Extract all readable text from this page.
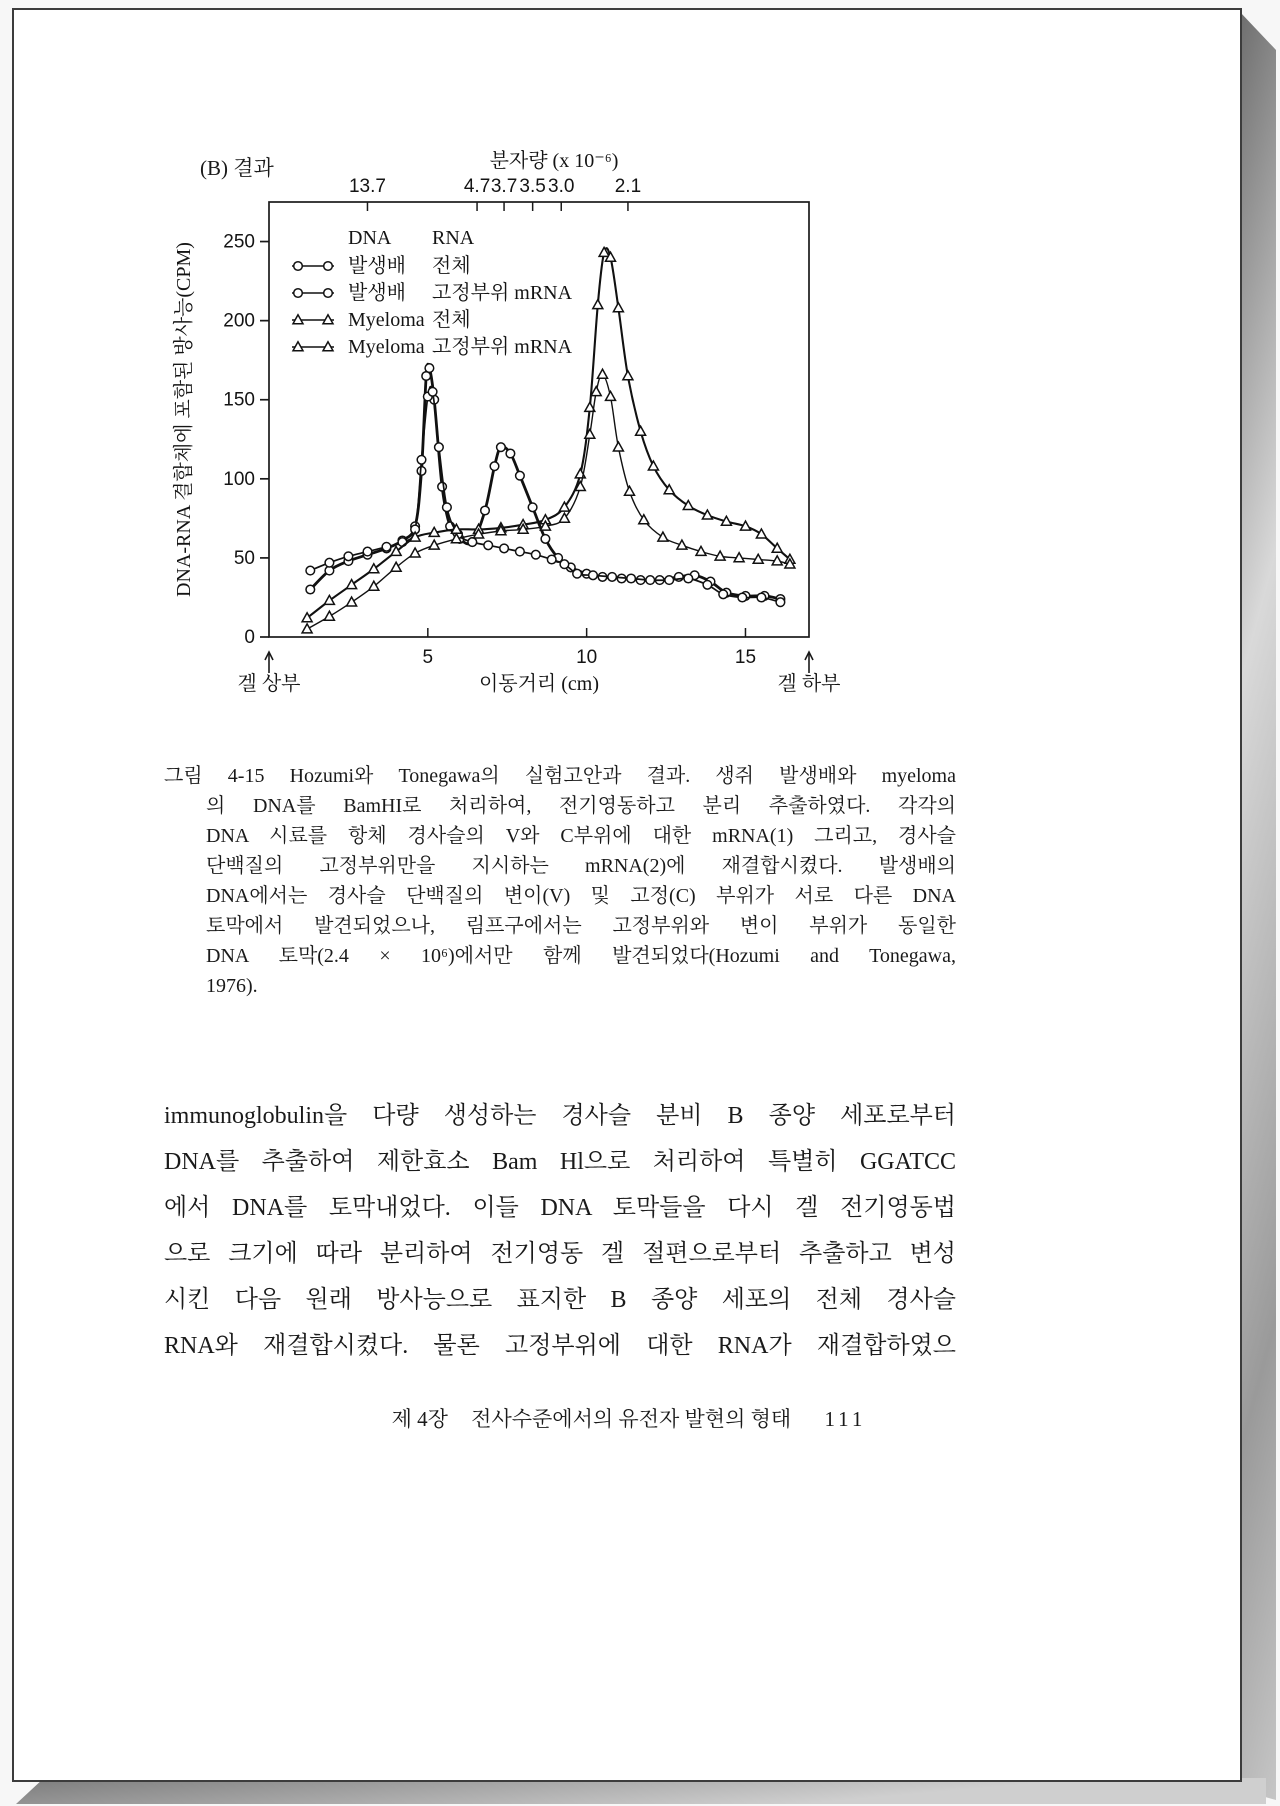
(B) 결과
0
50
100
150
200
250
5	10	15
13.7	4.7 3.7 3.5 3.0 2.1
분자량 (x 10⁻⁶)
DNA-RNA 결합체에 포함된 방사능(CPM)
이동거리 (cm)
겔 상부	겔 하부
DNA RNA
발생배 전체
발생배 고정부위 mRNA
Myeloma 전체
Myeloma 고정부위 mRNA
그림 4-15 Hozumi와 Tonegawa의 실험고안과 결과. 생쥐 발생배와 myeloma
의 DNA를 BamHI로 처리하여, 전기영동하고 분리 추출하였다. 각각의
DNA 시료를 항체 경사슬의 V와 C부위에 대한 mRNA(1) 그리고, 경사슬
단백질의 고정부위만을 지시하는 mRNA(2)에 재결합시켰다. 발생배의
DNA에서는 경사슬 단백질의 변이(V) 및 고정(C) 부위가 서로 다른 DNA
토막에서 발견되었으나, 림프구에서는 고정부위와 변이 부위가 동일한
DNA 토막(2.4 × 10⁶)에서만 함께 발견되었다(Hozumi and Tonegawa,
1976).
immunoglobulin을 다량 생성하는 경사슬 분비 B 종양 세포로부터
DNA를 추출하여 제한효소 Bam Hl으로 처리하여 특별히 GGATCC
에서 DNA를 토막내었다. 이들 DNA 토막들을 다시 겔 전기영동법
으로 크기에 따라 분리하여 전기영동 겔 절편으로부터 추출하고 변성
시킨 다음 원래 방사능으로 표지한 B 종양 세포의 전체 경사슬
RNA와 재결합시켰다. 물론 고정부위에 대한 RNA가 재결합하였으
제 4장 전사수준에서의 유전자 발현의 형태 111
